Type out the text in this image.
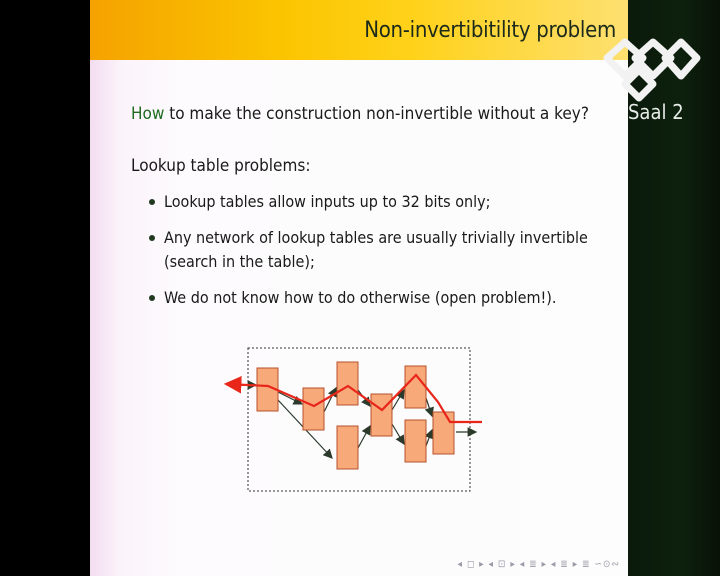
Non-invertibitility problem
How to make the construction non-invertible without a key?
Lookup table problems:
Lookup tables allow inputs up to 32 bits only;
Any network of lookup tables are usually trivially invertible
(search in the table);
We do not know how to do otherwise (open problem!).
◂ ◻ ▸ ◂ ⊡ ▸ ◂ ≣ ▸ ◂ ≣ ▸ ≣ ∽⊙∾
Saal 2
